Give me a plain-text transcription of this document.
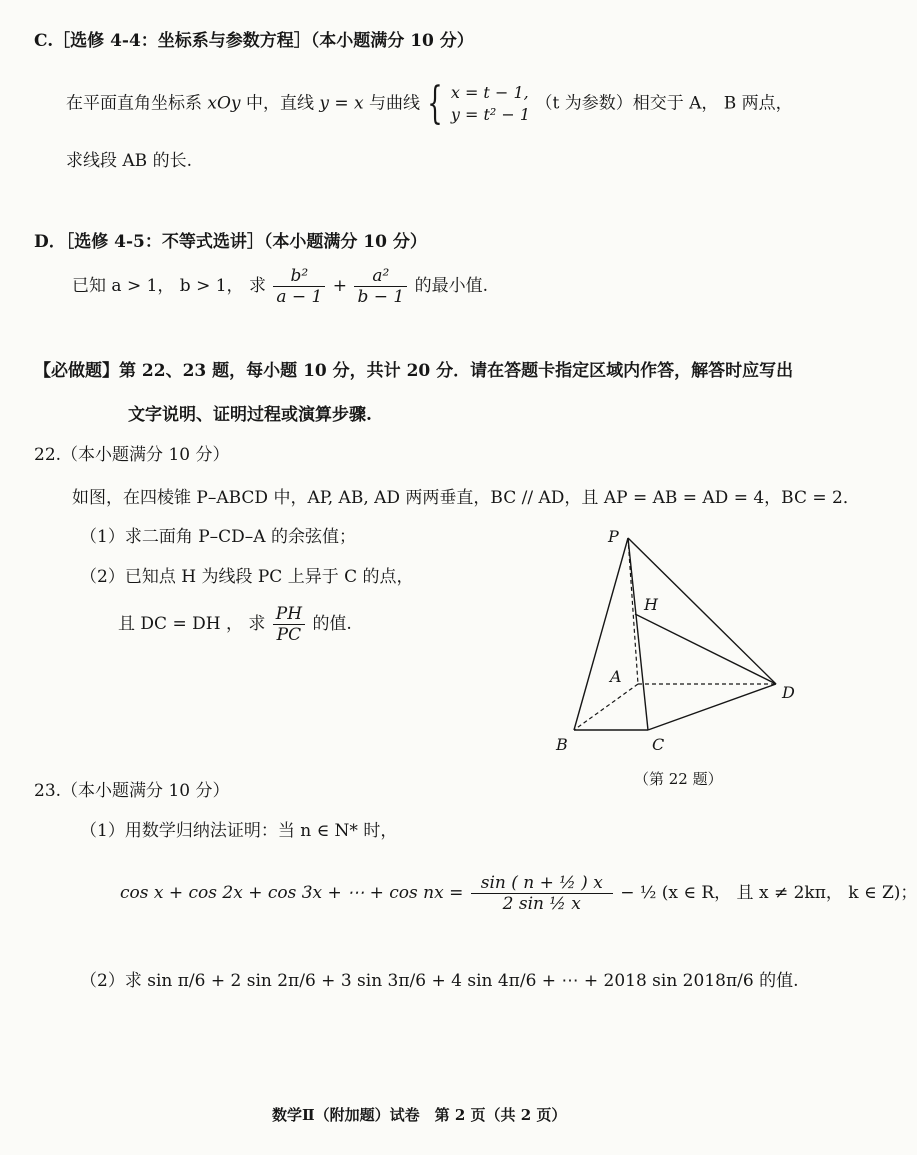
C.［选修 4-4：坐标系与参数方程］（本小题满分 10 分）
在平面直角坐标系 xOy 中，直线 y = x 与曲线 { x = t − 1,
y = t² − 1 （t 为参数）相交于 A， B 两点，
求线段 AB 的长.
D．［选修 4-5：不等式选讲］（本小题满分 10 分）
已知 a > 1， b > 1， 求 $\frac{\text{b²}}{a - 1} + \frac{\text{a²}}{b - 1}$ 的最小值.
【必做题】第 22、23 题，每小题 10 分，共计 20 分．请在答题卡指定区域内作答，解答时应写出
文字说明、证明过程或演算步骤.
22.（本小题满分 10 分）
如图，在四棱锥 P–ABCD 中，AP, AB, AD 两两垂直，BC // AD，且 AP = AB = AD = 4，BC = 2．
（1）求二面角 P–CD–A 的余弦值；
（2）已知点 H 为线段 PC 上异于 C 的点，
且 DC = DH ， 求 $\frac{PH}{PC}$ 的值.
P
H
A
D
B	C
（第 22 题）
23.（本小题满分 10 分）
（1）用数学归纳法证明：当 n ∈ N* 时，
cos x + cos 2x + cos 3x + ⋯ + cos nx = $\frac{\text{sin ( n + ½ ) x}}{\text{2 sin ½ x}}$ − ½ (x ∈ R， 且 x ≠ 2kπ， k ∈ Z)；
（2）求 sin π/6 + 2 sin 2π/6 + 3 sin 3π/6 + 4 sin 4π/6 + ⋯ + 2018 sin 2018π/6 的值.
数学Ⅱ（附加题）试卷　第 2 页（共 2 页）
